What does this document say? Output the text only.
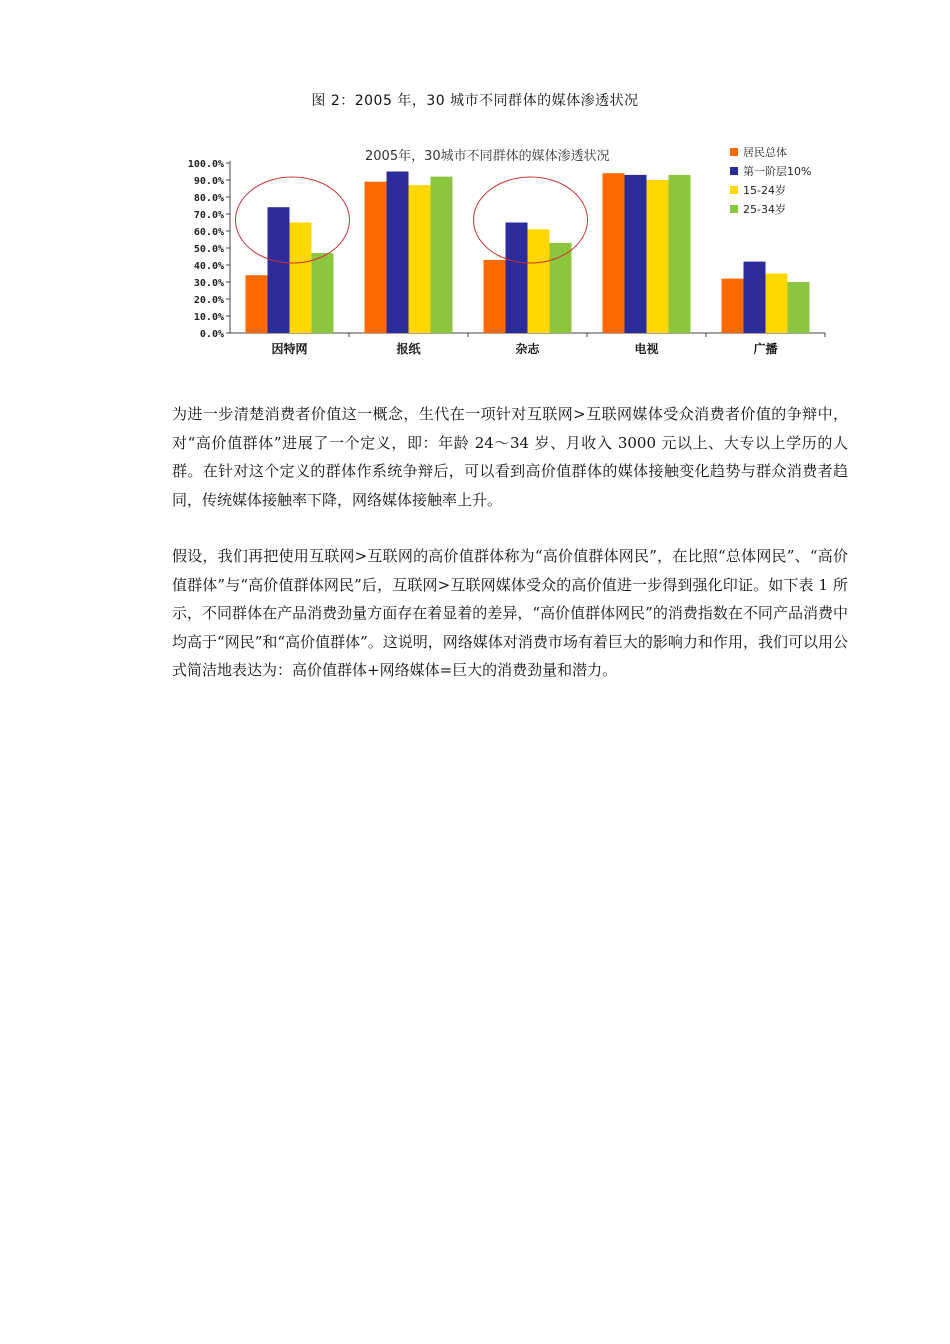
图 2：2005 年，30 城市不同群体的媒体渗透状况
2005年，30城市不同群体的媒体渗透状况
0.0%
10.0%
20.0%
30.0%
40.0%
50.0%
60.0%
70.0%
80.0%
90.0%
100.0%
因特网	报纸	杂志	电视	广播
居民总体
第一阶层10%
15-24岁
25-34岁

为进一步清楚消费者价值这一概念，生代在一项针对互联网>互联网媒体受众消费者价值的争辩中，对“高价值群体”进展了一个定义，即：年龄 24～34 岁、月收入 3000 元以上、大专以上学历的人群。在针对这个定义的群体作系统争辩后，可以看到高价值群体的媒体接触变化趋势与群众消费者趋同，传统媒体接触率下降，网络媒体接触率上升。

假设，我们再把使用互联网>互联网的高价值群体称为“高价值群体网民”，在比照“总体网民”、“高价值群体”与“高价值群体网民”后，互联网>互联网媒体受众的高价值进一步得到强化印证。如下表 1 所示，不同群体在产品消费劲量方面存在着显着的差异，“高价值群体网民”的消费指数在不同产品消费中均高于“网民”和“高价值群体”。这说明，网络媒体对消费市场有着巨大的影响力和作用，我们可以用公式简洁地表达为：高价值群体+网络媒体=巨大的消费劲量和潜力。
